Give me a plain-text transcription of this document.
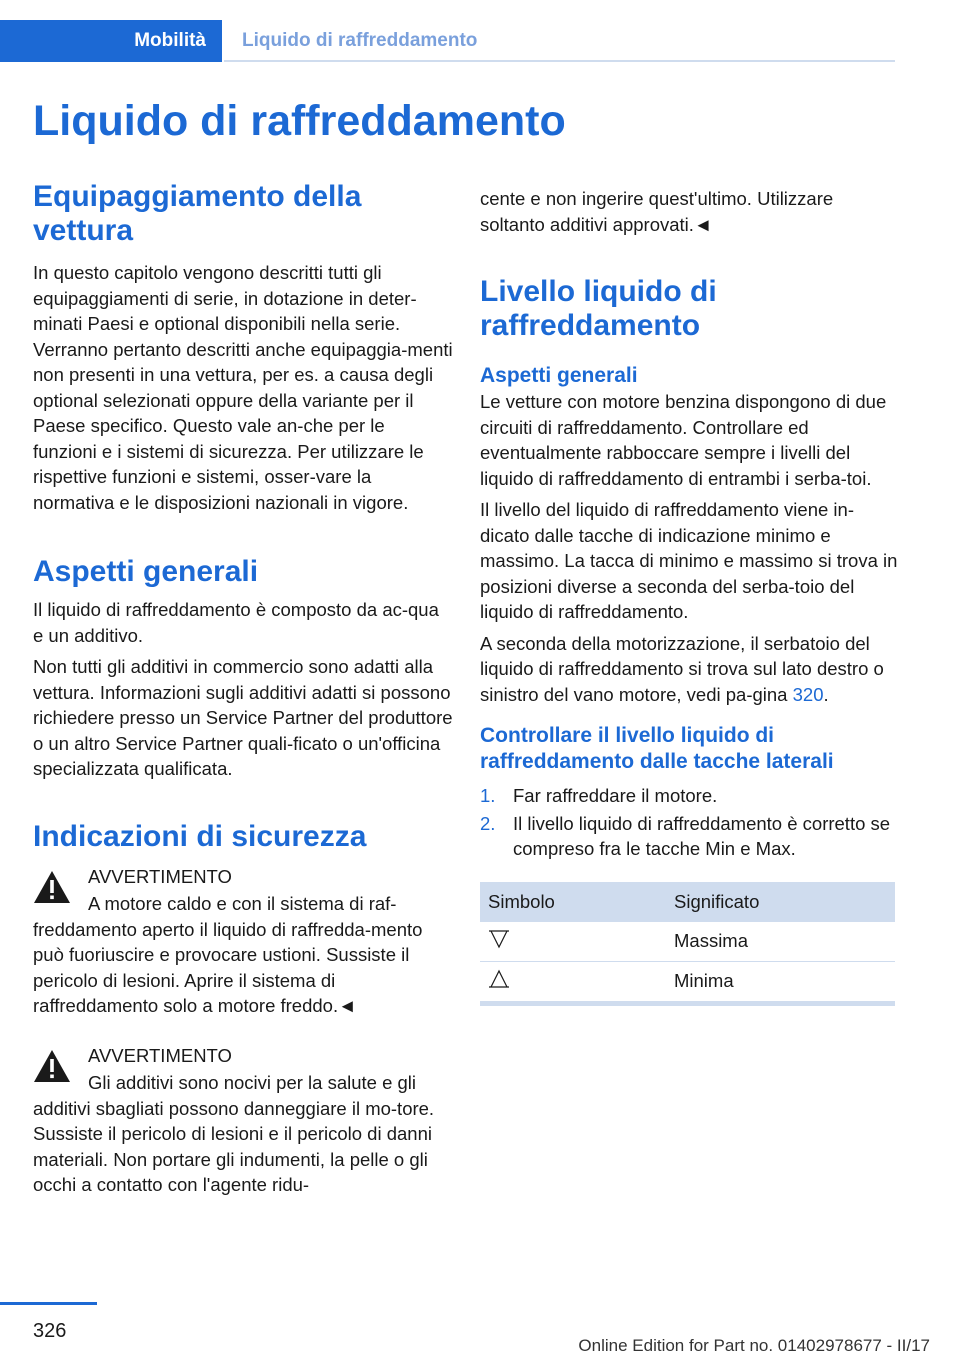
Mobilità Liquido di raffreddamento
Liquido di raffreddamento
Equipaggiamento della vettura

In questo capitolo vengono descritti tutti gli equipaggiamenti di serie, in dotazione in deter‐minati Paesi e optional disponibili nella serie. Verranno pertanto descritti anche equipaggia‐menti non presenti in una vettura, per es. a causa degli optional selezionati oppure della variante per il Paese specifico. Questo vale an‐che per le funzioni e i sistemi di sicurezza. Per utilizzare le rispettive funzioni e sistemi, osser‐vare la normativa e le disposizioni nazionali in vigore.

Aspetti generali

Il liquido di raffreddamento è composto da ac‐qua e un additivo.

Non tutti gli additivi in commercio sono adatti alla vettura. Informazioni sugli additivi adatti si possono richiedere presso un Service Partner del produttore o un altro Service Partner quali‐ficato o un'officina specializzata qualificata.

Indicazioni di sicurezza

AVVERTIMENTO

A motore caldo e con il sistema di raf‐freddamento aperto il liquido di raffredda‐mento può fuoriuscire e provocare ustioni. Sussiste il pericolo di lesioni. Aprire il sistema di raffreddamento solo a motore freddo.◄

AVVERTIMENTO

Gli additivi sono nocivi per la salute e gli additivi sbagliati possono danneggiare il mo‐tore. Sussiste il pericolo di lesioni e il pericolo di danni materiali. Non portare gli indumenti, la pelle o gli occhi a contatto con l'agente ridu‐

cente e non ingerire quest'ultimo. Utilizzare soltanto additivi approvati.◄

Livello liquido di raffreddamento
Aspetti generali

Le vetture con motore benzina dispongono di due circuiti di raffreddamento. Controllare ed eventualmente rabboccare sempre i livelli del liquido di raffreddamento di entrambi i serba‐toi.

Il livello del liquido di raffreddamento viene in‐dicato dalle tacche di indicazione minimo e massimo. La tacca di minimo e massimo si trova in posizioni diverse a seconda del serba‐toio del liquido di raffreddamento.

A seconda della motorizzazione, il serbatoio del liquido di raffreddamento si trova sul lato destro o sinistro del vano motore, vedi pa‐gina 320.

Controllare il livello liquido di raffreddamento dalle tacche laterali
1. Far raffreddare il motore.
2. Il livello liquido di raffreddamento è corretto se compreso fra le tacche Min e Max.
Simbolo	Significato
	Massima
	Minima
326
Online Edition for Part no. 01402978677 - II/17
